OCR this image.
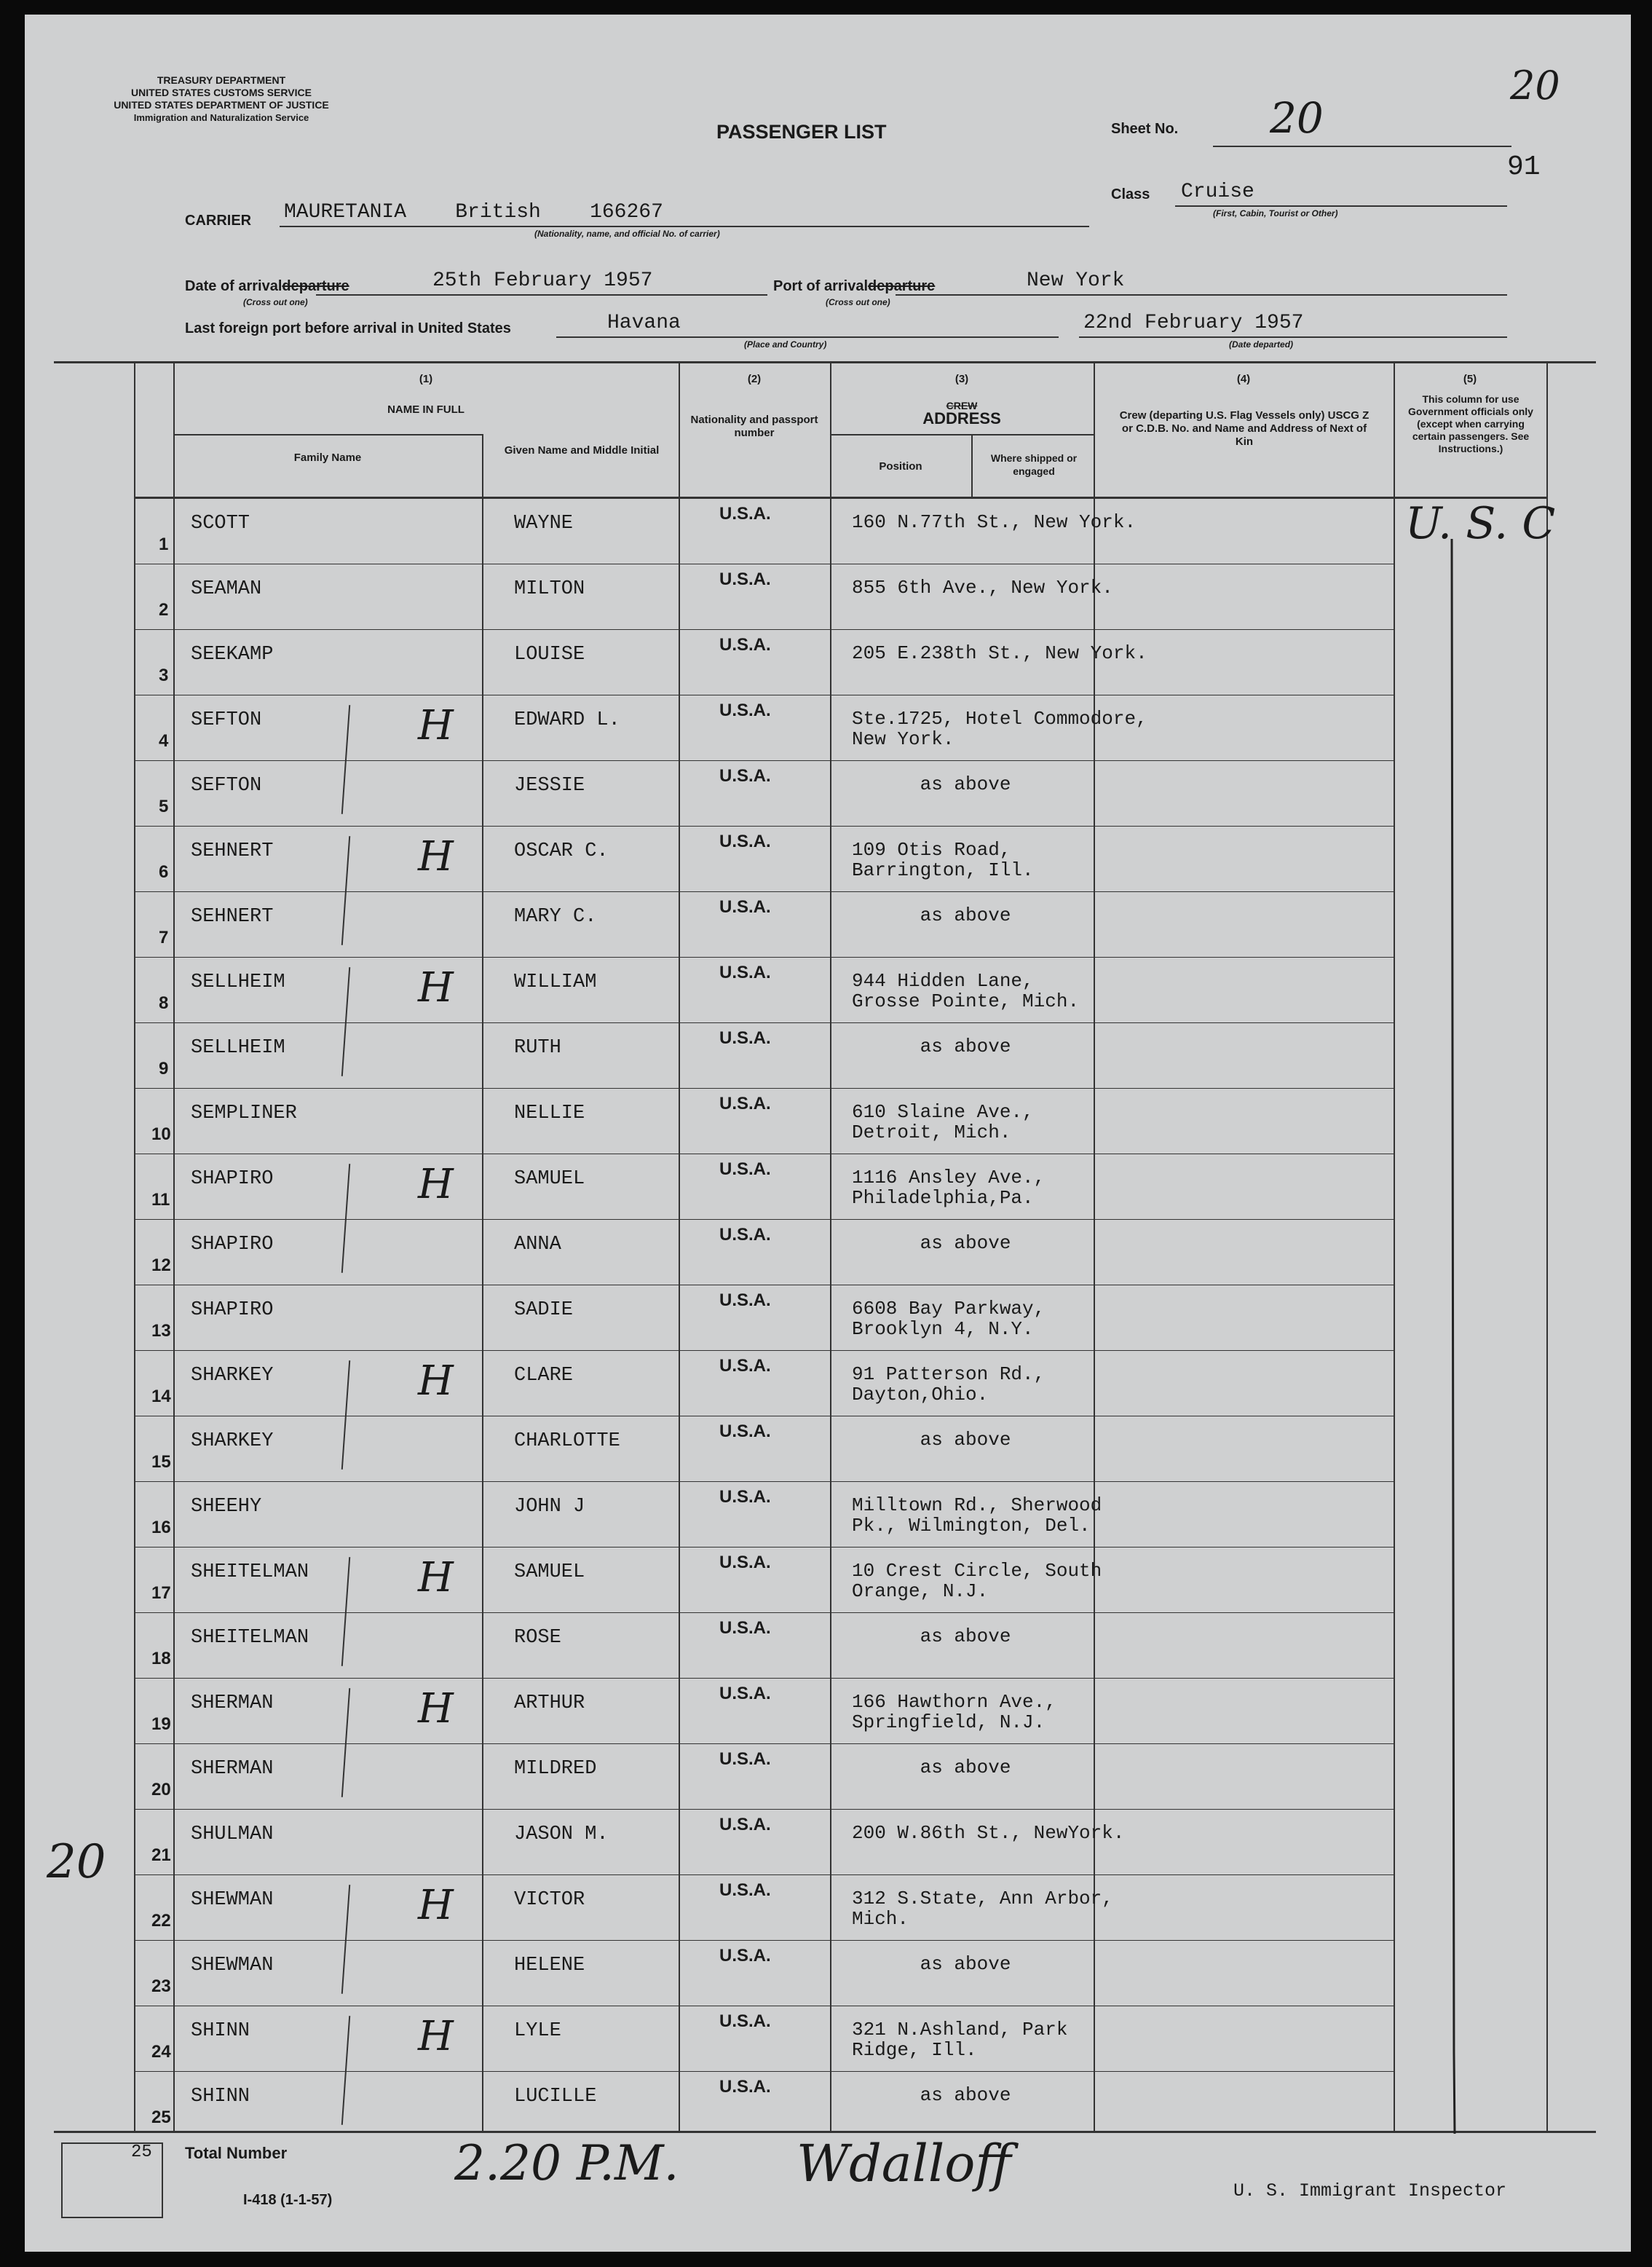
TREASURY DEPARTMENT
UNITED STATES CUSTOMS SERVICE
UNITED STATES DEPARTMENT OF JUSTICE
Immigration and Naturalization Service
PASSENGER LIST	Sheet No. 20
20
91
Class Cruise
(First, Cabin, Tourist or Other)
CARRIER MAURETANIA    British    166267
(Nationality, name, and official No. of carrier)
Date of arrivaldeparture
(Cross out one)
25th February 1957	Port of arrivaldeparture
(Cross out one)
New York
Last foreign port before arrival in United States	Havana
(Place and Country)
22nd February 1957
(Date departed)
(1)
NAME IN FULL
Family Name
Given Name and Middle Initial
(2)
Nationality and passport number
(3)
CREW
ADDRESS
Position
Where shipped or engaged
(4)
Crew (departing U.S. Flag Vessels only) USCG Z or C.D.B. No. and Name and Address of Next of Kin
(5)
This column for use Government officials only (except when carrying certain passengers. See Instructions.)
U. S. C
1
SCOTT	WAYNE	U.S.A.	160 N.77th St., New York.
2
SEAMAN	MILTON	U.S.A.	855 6th Ave., New York.
3
SEEKAMP	LOUISE	U.S.A.	205 E.238th St., New York.
4
SEFTON	EDWARD L.	U.S.A.	Ste.1725, Hotel Commodore,
New York.
H
5
SEFTON	JESSIE	U.S.A.	as above
6
SEHNERT	OSCAR C.	U.S.A.	109 Otis Road,
Barrington, Ill.
H
7
SEHNERT	MARY C.	U.S.A.	as above
8
SELLHEIM	WILLIAM	U.S.A.	944 Hidden Lane,
Grosse Pointe, Mich.
H
9
SELLHEIM	RUTH	U.S.A.	as above
10
SEMPLINER	NELLIE	U.S.A.	610 Slaine Ave.,
Detroit, Mich.
11
SHAPIRO	SAMUEL	U.S.A.	1116 Ansley Ave.,
Philadelphia,Pa.
H
12
SHAPIRO	ANNA	U.S.A.	as above
13
SHAPIRO	SADIE	U.S.A.	6608 Bay Parkway,
Brooklyn 4, N.Y.
14
SHARKEY	CLARE	U.S.A.	91 Patterson Rd.,
Dayton,Ohio.
H
15
SHARKEY	CHARLOTTE	U.S.A.	as above
16
SHEEHY	JOHN J	U.S.A.	Milltown Rd., Sherwood
Pk., Wilmington, Del.
17
SHEITELMAN	SAMUEL	U.S.A.	10 Crest Circle, South
Orange, N.J.
H
18
SHEITELMAN	ROSE	U.S.A.	as above
19
SHERMAN	ARTHUR	U.S.A.	166 Hawthorn Ave.,
Springfield, N.J.
H
20
SHERMAN	MILDRED	U.S.A.	as above
21
SHULMAN	JASON M.	U.S.A.	200 W.86th St., NewYork.
22
SHEWMAN	VICTOR	U.S.A.	312 S.State, Ann Arbor,
Mich.
H
23
SHEWMAN	HELENE	U.S.A.	as above
24
SHINN	LYLE	U.S.A.	321 N.Ashland, Park
Ridge, Ill.
H
25
SHINN	LUCILLE	U.S.A.	as above
20
25 Total Number
I-418 (1-1-57)
2.20 P.M. Wdalloff	U. S. Immigrant Inspector
